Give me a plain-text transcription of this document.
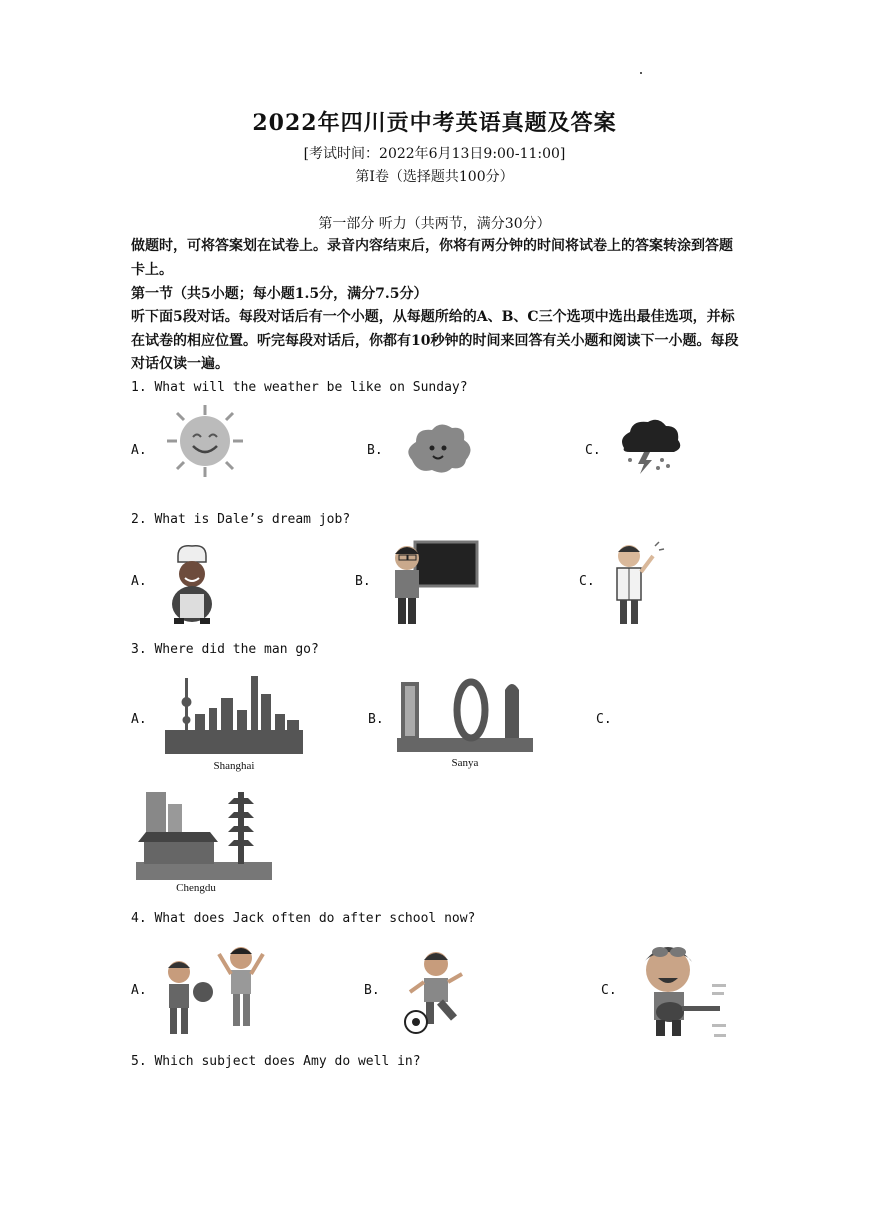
2022年四川贡中考英语真题及答案
[考试时间：2022年6月13日9:00-11:00]
第Ⅰ卷（选择题共100分）
第一部分 听力（共两节，满分30分）
做题时，可将答案划在试卷上。录音内容结束后，你将有两分钟的时间将试卷上的答案转涂到答题卡上。
第一节（共5小题；每小题1.5分，满分7.5分）
听下面5段对话。每段对话后有一个小题，从每题所给的A、B、C三个选项中选出最佳选项，并标在试卷的相应位置。听完每段对话后，你都有10秒钟的时间来回答有关小题和阅读下一小题。每段对话仅读一遍。
1. What will the weather be like on Sunday?
A.	B.	C.
2. What is Dale’s dream job?
A.	B.	C.
3. Where did the man go?
A.	B.	C.
Shanghai	Sanya
Chengdu
4. What does Jack often do after school now?
A.	B.	C.
5. Which subject does Amy do well in?
